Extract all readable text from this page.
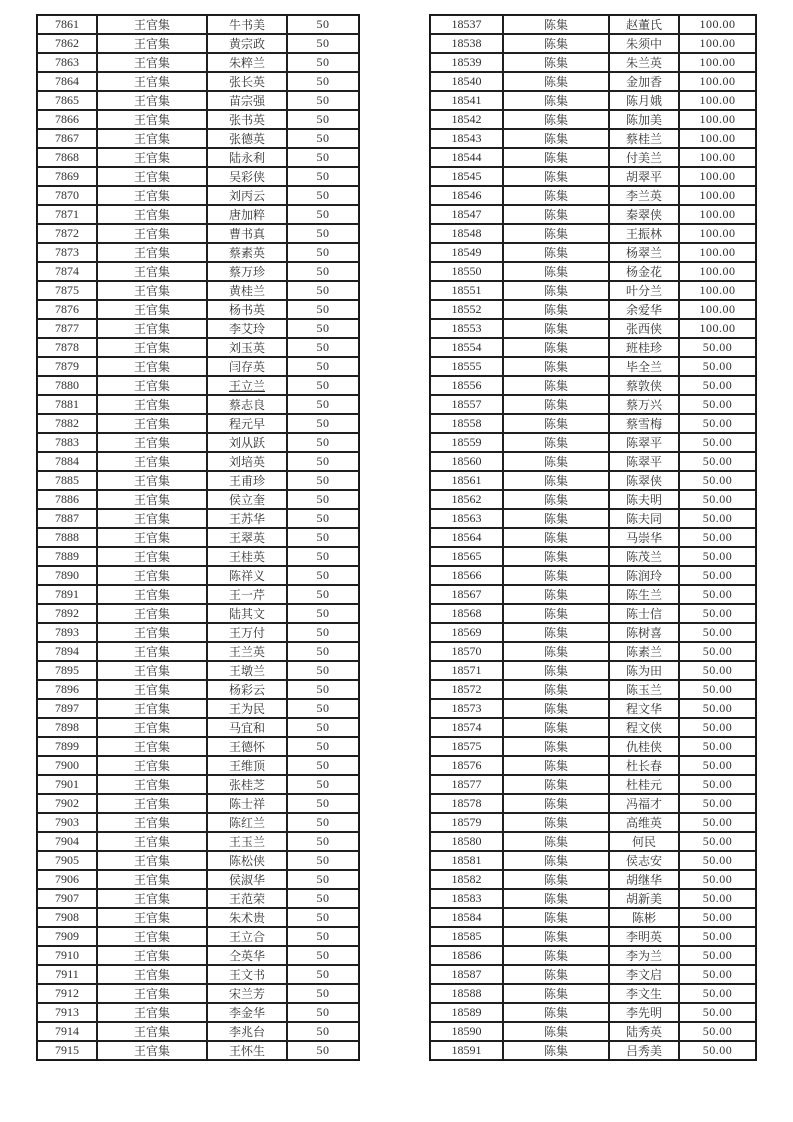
7861	王官集	牛书美	50
7862	王官集	黄宗政	50
7863	王官集	朱粹兰	50
7864	王官集	张长英	50
7865	王官集	苗宗强	50
7866	王官集	张书英	50
7867	王官集	张德英	50
7868	王官集	陆永利	50
7869	王官集	吴彩侠	50
7870	王官集	刘丙云	50
7871	王官集	唐加粹	50
7872	王官集	曹书真	50
7873	王官集	蔡素英	50
7874	王官集	蔡万珍	50
7875	王官集	黄桂兰	50
7876	王官集	杨书英	50
7877	王官集	李艾玲	50
7878	王官集	刘玉英	50
7879	王官集	闫存英	50
7880	王官集	王立兰	50
7881	王官集	蔡志良	50
7882	王官集	程元早	50
7883	王官集	刘从跃	50
7884	王官集	刘培英	50
7885	王官集	王甫珍	50
7886	王官集	侯立奎	50
7887	王官集	王苏华	50
7888	王官集	王翠英	50
7889	王官集	王桂英	50
7890	王官集	陈祥义	50
7891	王官集	王一芹	50
7892	王官集	陆其文	50
7893	王官集	王万付	50
7894	王官集	王兰英	50
7895	王官集	王墩兰	50
7896	王官集	杨彩云	50
7897	王官集	王为民	50
7898	王官集	马宜和	50
7899	王官集	王德怀	50
7900	王官集	王维顶	50
7901	王官集	张桂芝	50
7902	王官集	陈士祥	50
7903	王官集	陈红兰	50
7904	王官集	王玉兰	50
7905	王官集	陈松侠	50
7906	王官集	侯淑华	50
7907	王官集	王范荣	50
7908	王官集	朱术贵	50
7909	王官集	王立合	50
7910	王官集	仝英华	50
7911	王官集	王文书	50
7912	王官集	宋兰芳	50
7913	王官集	李金华	50
7914	王官集	李兆台	50
7915	王官集	王怀生	50
18537	陈集	赵董氏	100.00
18538	陈集	朱须中	100.00
18539	陈集	朱兰英	100.00
18540	陈集	金加香	100.00
18541	陈集	陈月娥	100.00
18542	陈集	陈加美	100.00
18543	陈集	蔡桂兰	100.00
18544	陈集	付美兰	100.00
18545	陈集	胡翠平	100.00
18546	陈集	李兰英	100.00
18547	陈集	秦翠侠	100.00
18548	陈集	王振林	100.00
18549	陈集	杨翠兰	100.00
18550	陈集	杨金花	100.00
18551	陈集	叶分兰	100.00
18552	陈集	余爱华	100.00
18553	陈集	张西侠	100.00
18554	陈集	班桂珍	50.00
18555	陈集	毕全兰	50.00
18556	陈集	蔡敦侠	50.00
18557	陈集	蔡万兴	50.00
18558	陈集	蔡雪梅	50.00
18559	陈集	陈翠平	50.00
18560	陈集	陈翠平	50.00
18561	陈集	陈翠侠	50.00
18562	陈集	陈夫明	50.00
18563	陈集	陈夫同	50.00
18564	陈集	马崇华	50.00
18565	陈集	陈茂兰	50.00
18566	陈集	陈润玲	50.00
18567	陈集	陈生兰	50.00
18568	陈集	陈士信	50.00
18569	陈集	陈树喜	50.00
18570	陈集	陈素兰	50.00
18571	陈集	陈为田	50.00
18572	陈集	陈玉兰	50.00
18573	陈集	程文华	50.00
18574	陈集	程文侠	50.00
18575	陈集	仇桂侠	50.00
18576	陈集	杜长春	50.00
18577	陈集	杜桂元	50.00
18578	陈集	冯福才	50.00
18579	陈集	高维英	50.00
18580	陈集	何民	50.00
18581	陈集	侯志安	50.00
18582	陈集	胡继华	50.00
18583	陈集	胡新美	50.00
18584	陈集	陈彬	50.00
18585	陈集	李明英	50.00
18586	陈集	李为兰	50.00
18587	陈集	李文启	50.00
18588	陈集	李文生	50.00
18589	陈集	李先明	50.00
18590	陈集	陆秀英	50.00
18591	陈集	吕秀美	50.00
